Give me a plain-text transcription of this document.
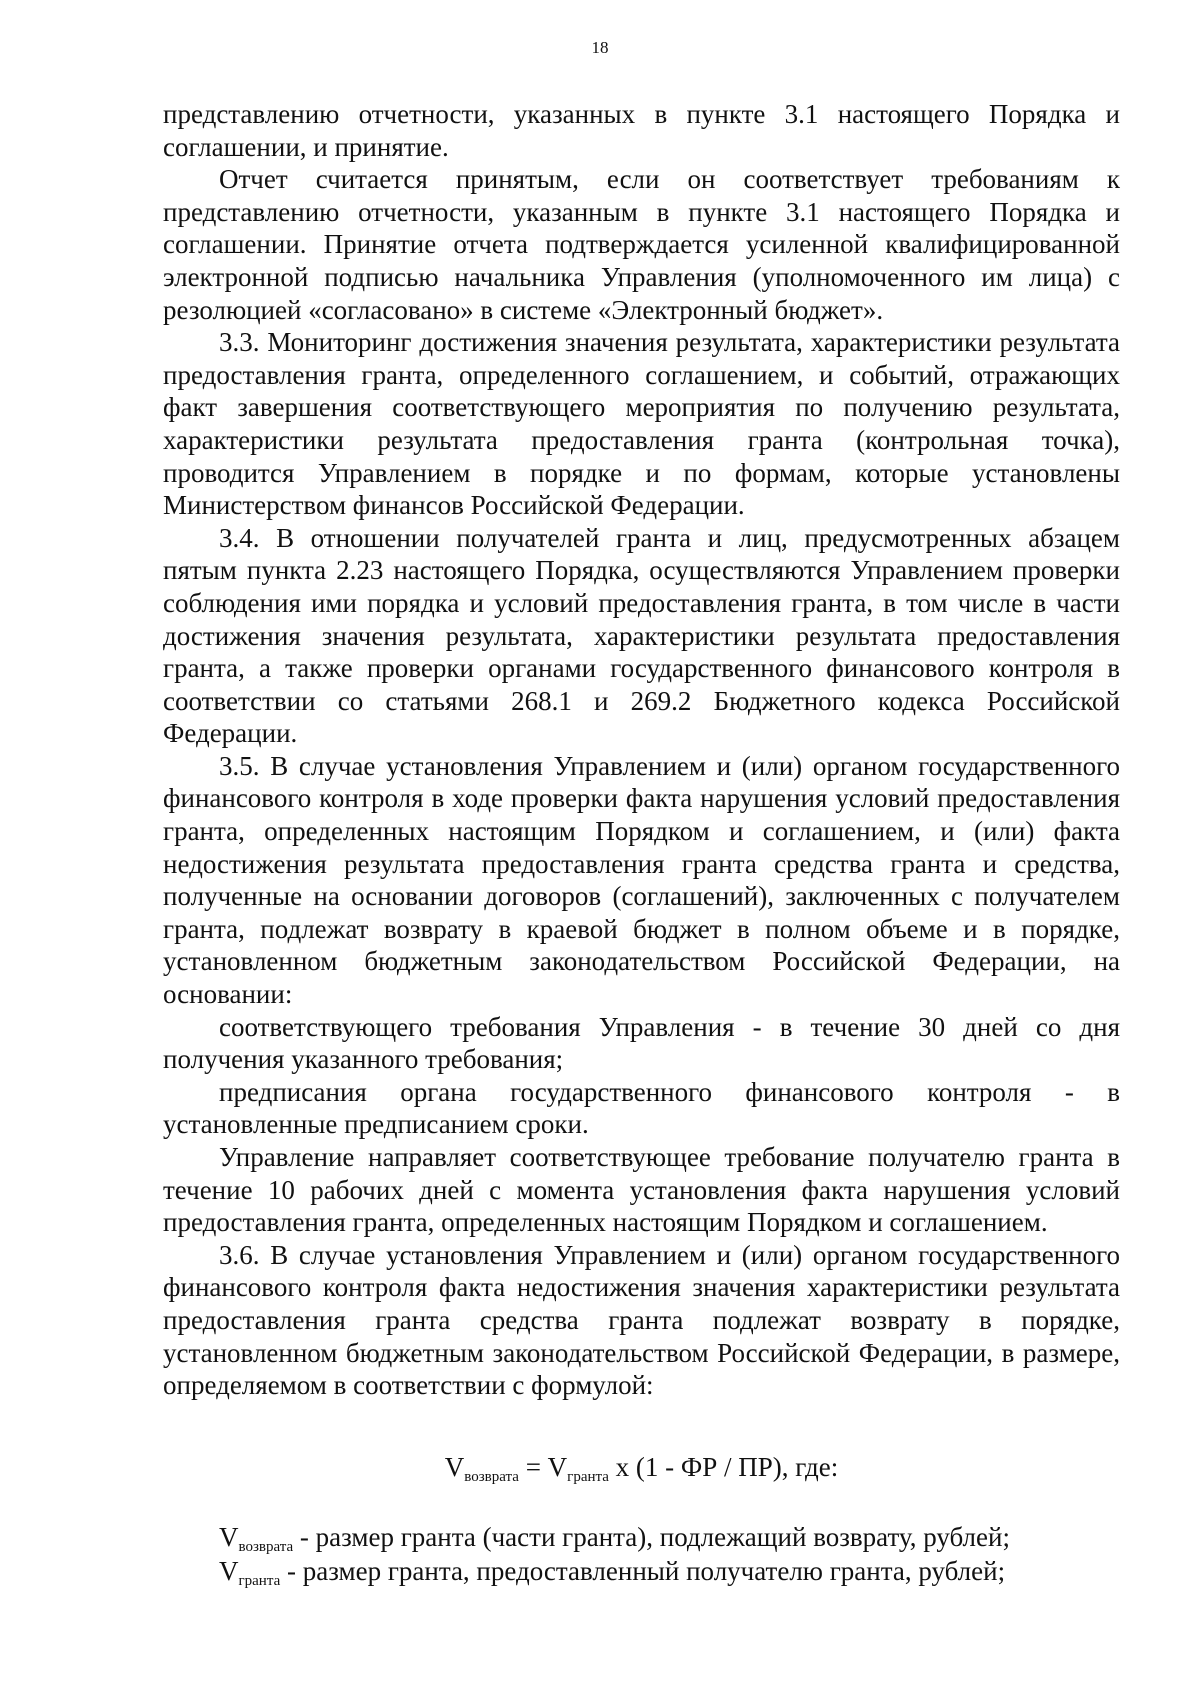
18

представлению отчетности, указанных в пункте 3.1 настоящего Порядка и соглашении, и принятие.

Отчет считается принятым, если он соответствует требованиям к представлению отчетности, указанным в пункте 3.1 настоящего Порядка и соглашении. Принятие отчета подтверждается усиленной квалифицированной электронной подписью начальника Управления (уполномоченного им лица) с резолюцией «согласовано» в системе «Электронный бюджет».

3.3. Мониторинг достижения значения результата, характеристики результата предоставления гранта, определенного соглашением, и событий, отражающих факт завершения соответствующего мероприятия по получению результата, характеристики результата предоставления гранта (контрольная точка), проводится Управлением в порядке и по формам, которые установлены Министерством финансов Российской Федерации.

3.4. В отношении получателей гранта и лиц, предусмотренных абзацем пятым пункта 2.23 настоящего Порядка, осуществляются Управлением проверки соблюдения ими порядка и условий предоставления гранта, в том числе в части достижения значения результата, характеристики результата предоставления гранта, а также проверки органами государственного финансового контроля в соответствии со статьями 268.1 и 269.2 Бюджетного кодекса Российской Федерации.

3.5. В случае установления Управлением и (или) органом государственного финансового контроля в ходе проверки факта нарушения условий предоставления гранта, определенных настоящим Порядком и соглашением, и (или) факта недостижения результата предоставления гранта средства гранта и средства, полученные на основании договоров (соглашений), заключенных с получателем гранта, подлежат возврату в краевой бюджет в полном объеме и в порядке, установленном бюджетным законодательством Российской Федерации, на основании:

соответствующего требования Управления - в течение 30 дней со дня получения указанного требования;

предписания органа государственного финансового контроля - в установленные предписанием сроки.

Управление направляет соответствующее требование получателю гранта в течение 10 рабочих дней с момента установления факта нарушения условий предоставления гранта, определенных настоящим Порядком и соглашением.

3.6. В случае установления Управлением и (или) органом государственного финансового контроля факта недостижения значения характеристики результата предоставления гранта средства гранта подлежат возврату в порядке, установленном бюджетным законодательством Российской Федерации, в размере, определяемом в соответствии с формулой:

$V_{возврата} = V_{гранта}$ x (1 - ФР / ПР), где:

$V_{возврата}$ - размер гранта (части гранта), подлежащий возврату, рублей;

$V_{гранта}$ - размер гранта, предоставленный получателю гранта, рублей;
